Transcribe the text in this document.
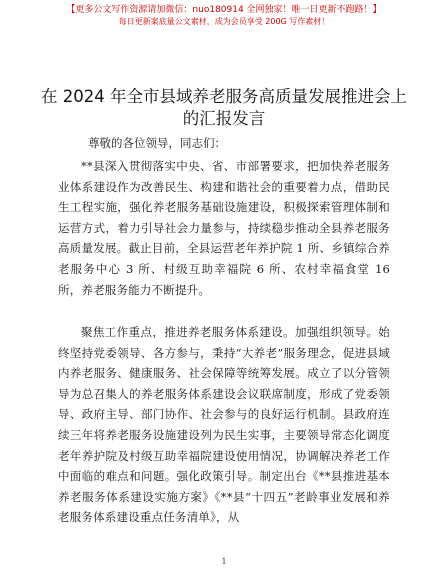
【更多公文写作资源请加微信：nuo180914 全网独家！唯一日更新不跑路！】
每日更新案底量公文素材，成为会员享受 200G 写作素材！
在 2024 年全市县域养老服务高质量发展推进会上的汇报发言
尊敬的各位领导，同志们：
**县深入贯彻落实中央、省、市部署要求，把加快养老服务业体系建设作为改善民生、构建和谐社会的重要着力点，借助民生工程实施，强化养老服务基础设施建设，积极探索管理体制和运营方式，着力引导社会力量参与，持续稳步推动全县养老服务高质量发展。截止目前，全县运营老年养护院 1 所、乡镇综合养老服务中心 3 所、村级互助幸福院 6 所、农村幸福食堂 16 所，养老服务能力不断提升。
聚焦工作重点，推进养老服务体系建设。加强组织领导。始终坚持党委领导、各方参与，秉持“大养老”服务理念，促进县域内养老服务、健康服务、社会保障等统筹发展。成立了以分管领导为总召集人的养老服务体系建设会议联席制度，形成了党委领导、政府主导、部门协作、社会参与的良好运行机制。县政府连续三年将养老服务设施建设列为民生实事，主要领导常态化调度老年养护院及村级互助幸福院建设使用情况，协调解决养老工作中面临的难点和问题。强化政策引导。制定出台《**县推进基本养老服务体系建设实施方案》《**县“十四五”老龄事业发展和养老服务体系建设重点任务清单》，从
1
